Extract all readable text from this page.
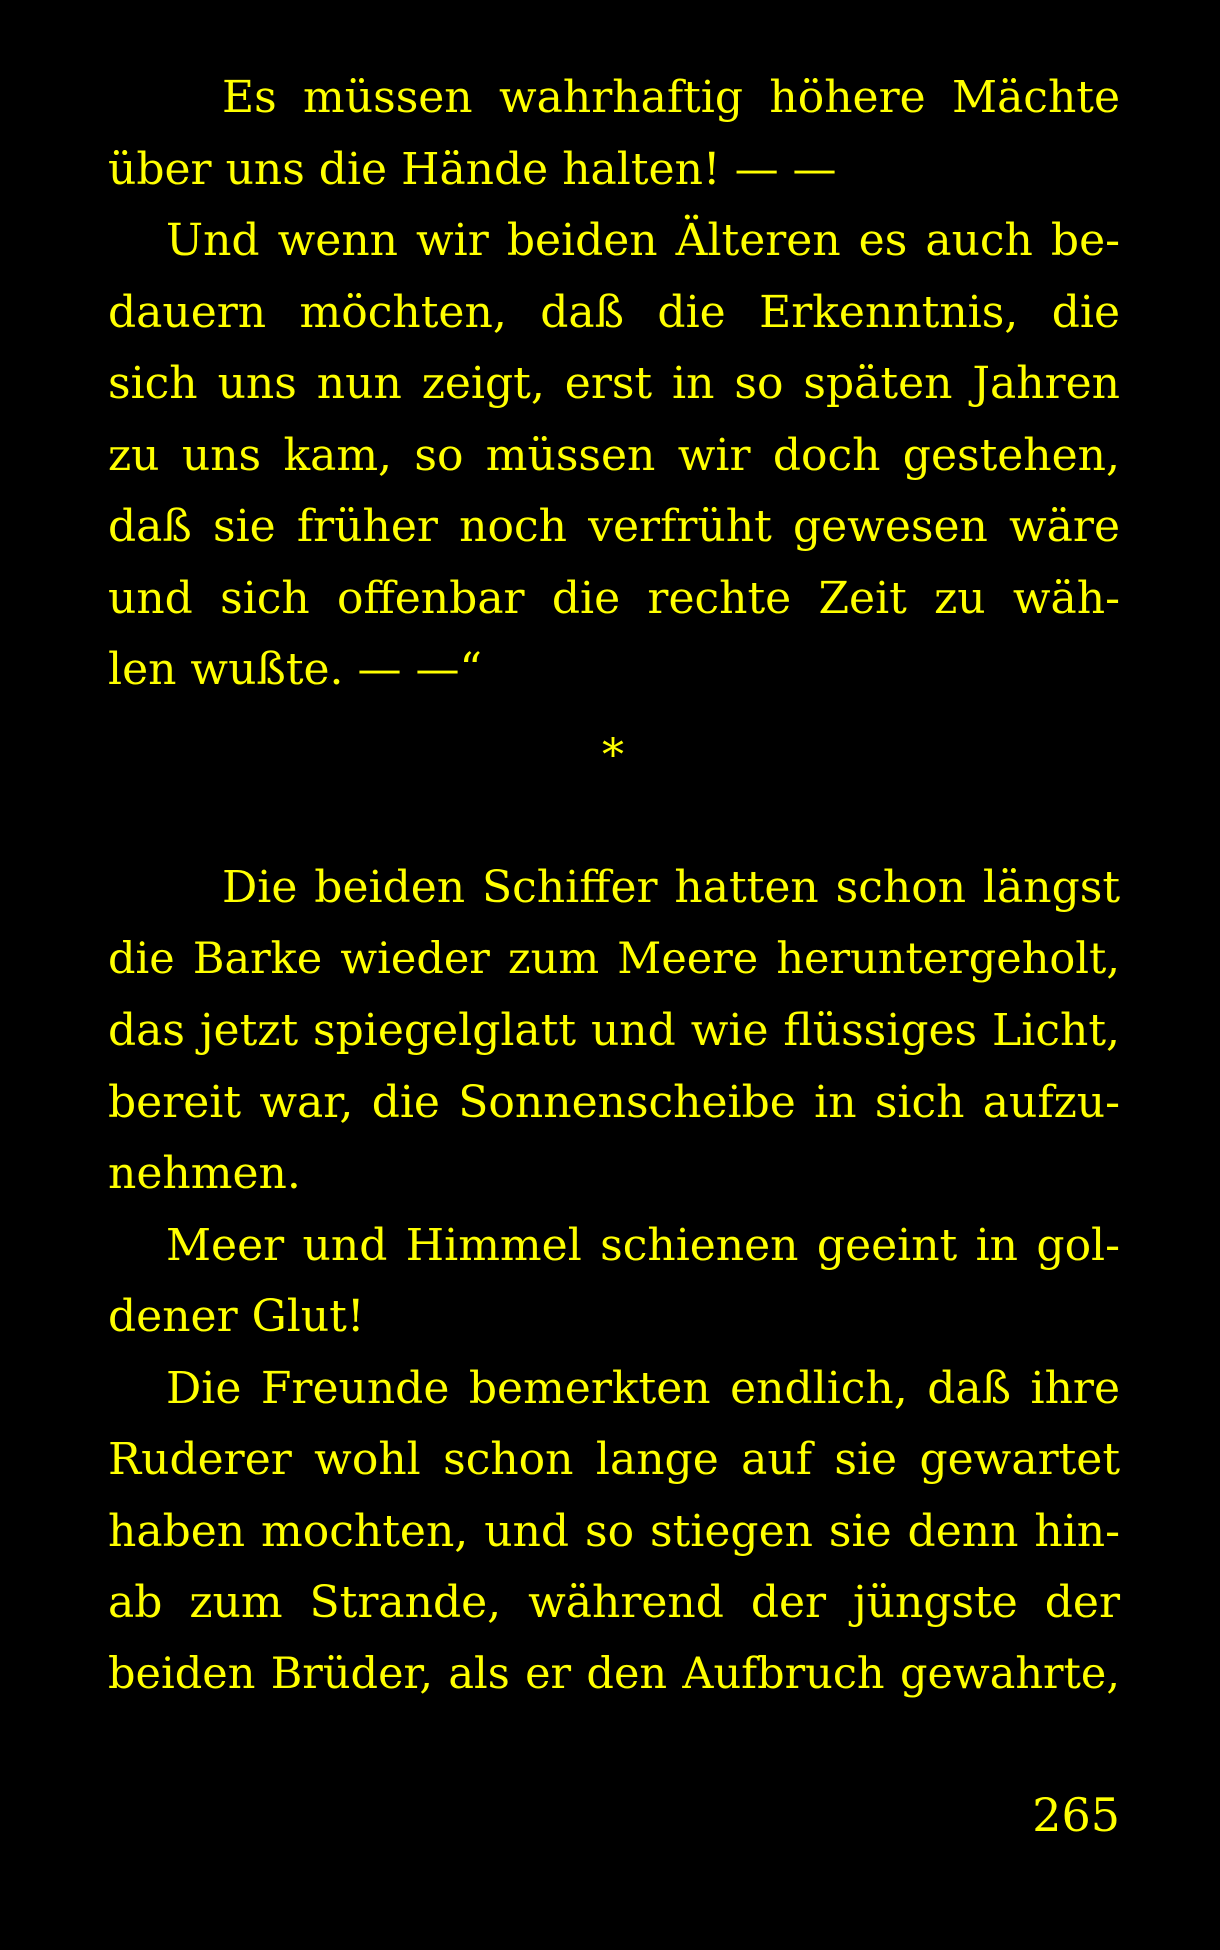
Es müssen wahrhaftig höhere Mächte
über uns die Hände halten! — —
Und wenn wir beiden Älteren es auch be-
dauern möchten, daß die Erkenntnis, die
sich uns nun zeigt, erst in so späten Jahren
zu uns kam, so müssen wir doch gestehen,
daß sie früher noch verfrüht gewesen wäre
und sich offenbar die rechte Zeit zu wäh-
len wußte. — —“
*
Die beiden Schiffer hatten schon längst
die Barke wieder zum Meere heruntergeholt,
das jetzt spiegelglatt und wie flüssiges Licht,
bereit war, die Sonnenscheibe in sich aufzu-
nehmen.
Meer und Himmel schienen geeint in gol-
dener Glut!
Die Freunde bemerkten endlich, daß ihre
Ruderer wohl schon lange auf sie gewartet
haben mochten, und so stiegen sie denn hin-
ab zum Strande, während der jüngste der
beiden Brüder, als er den Aufbruch gewahrte,
265
